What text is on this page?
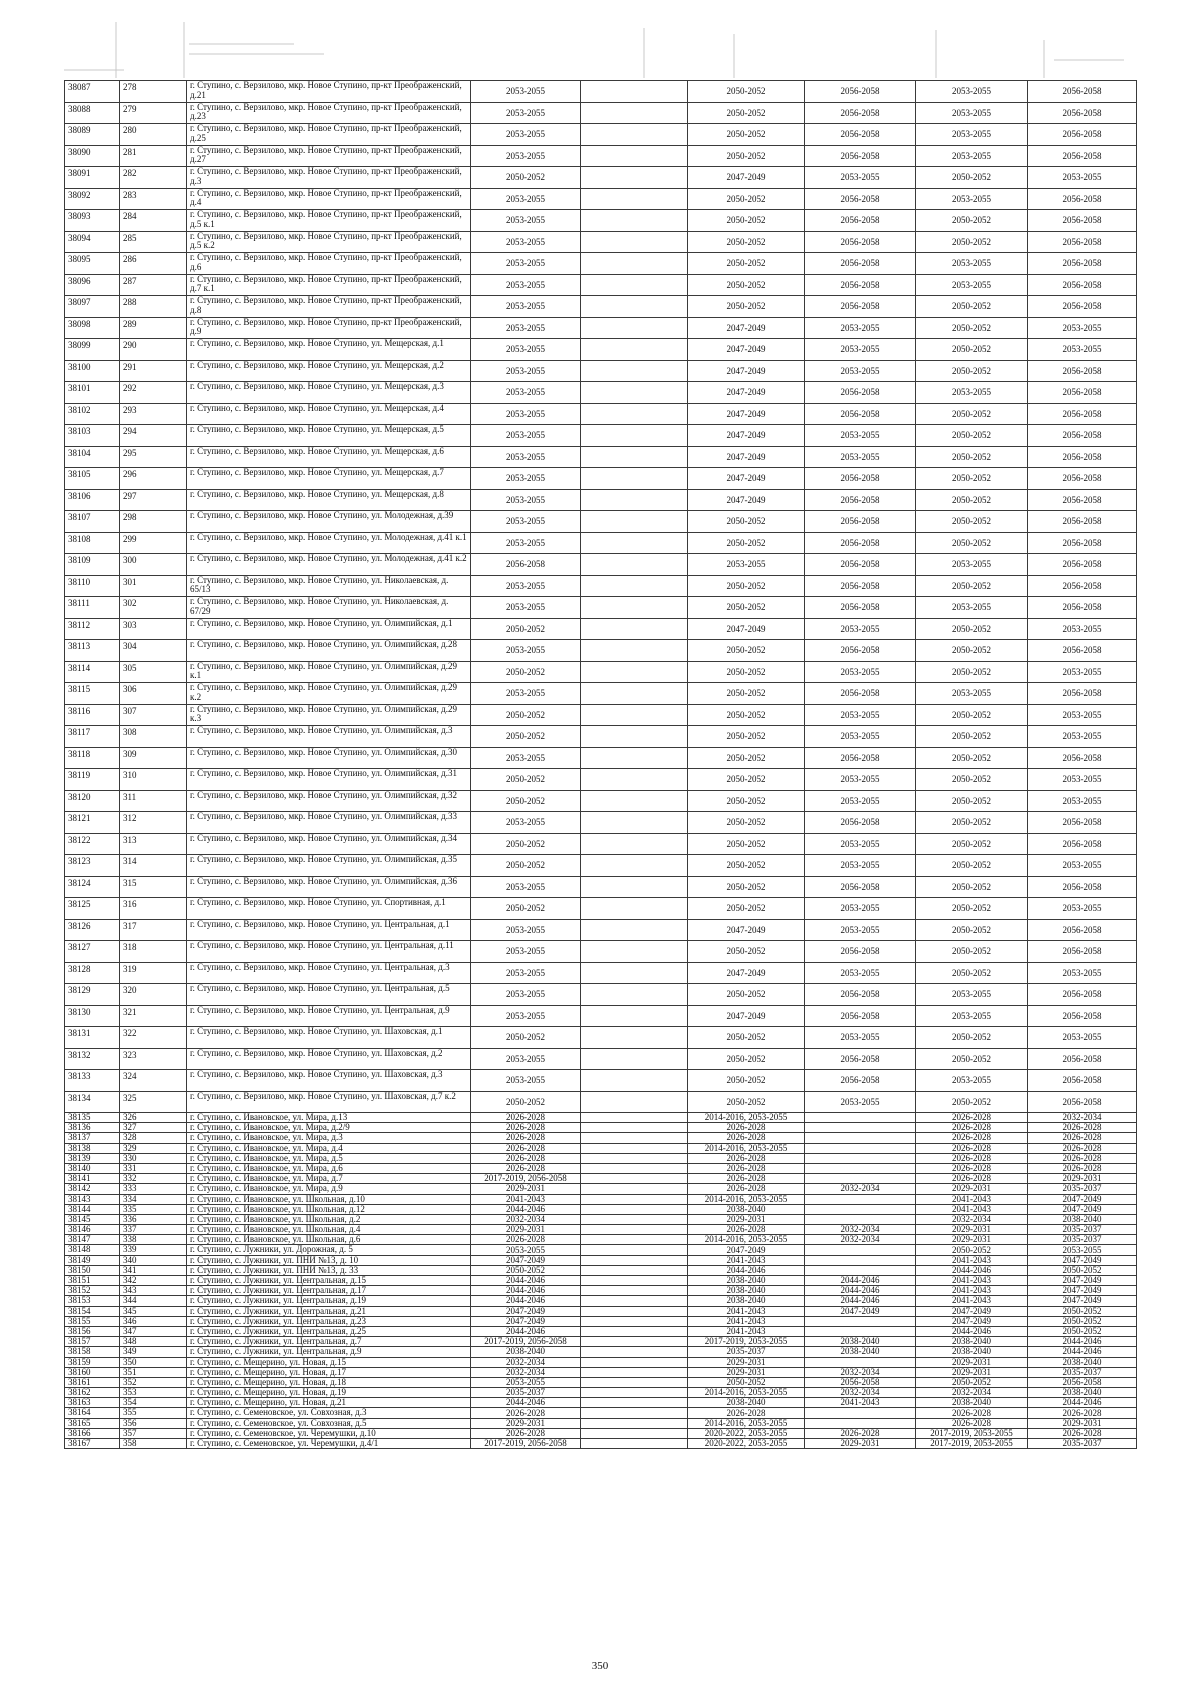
38087	278	г. Ступино, с. Верзилово, мкр. Новое Ступино, пр-кт Преображенский, д.21	2053-2055		2050-2052	2056-2058	2053-2055	2056-2058
38088	279	г. Ступино, с. Верзилово, мкр. Новое Ступино, пр-кт Преображенский, д.23	2053-2055		2050-2052	2056-2058	2053-2055	2056-2058
38089	280	г. Ступино, с. Верзилово, мкр. Новое Ступино, пр-кт Преображенский, д.25	2053-2055		2050-2052	2056-2058	2053-2055	2056-2058
38090	281	г. Ступино, с. Верзилово, мкр. Новое Ступино, пр-кт Преображенский, д.27	2053-2055		2050-2052	2056-2058	2053-2055	2056-2058
38091	282	г. Ступино, с. Верзилово, мкр. Новое Ступино, пр-кт Преображенский, д.3	2050-2052		2047-2049	2053-2055	2050-2052	2053-2055
38092	283	г. Ступино, с. Верзилово, мкр. Новое Ступино, пр-кт Преображенский, д.4	2053-2055		2050-2052	2056-2058	2053-2055	2056-2058
38093	284	г. Ступино, с. Верзилово, мкр. Новое Ступино, пр-кт Преображенский, д.5 к.1	2053-2055		2050-2052	2056-2058	2050-2052	2056-2058
38094	285	г. Ступино, с. Верзилово, мкр. Новое Ступино, пр-кт Преображенский, д.5 к.2	2053-2055		2050-2052	2056-2058	2050-2052	2056-2058
38095	286	г. Ступино, с. Верзилово, мкр. Новое Ступино, пр-кт Преображенский, д.6	2053-2055		2050-2052	2056-2058	2053-2055	2056-2058
38096	287	г. Ступино, с. Верзилово, мкр. Новое Ступино, пр-кт Преображенский, д.7 к.1	2053-2055		2050-2052	2056-2058	2053-2055	2056-2058
38097	288	г. Ступино, с. Верзилово, мкр. Новое Ступино, пр-кт Преображенский, д.8	2053-2055		2050-2052	2056-2058	2050-2052	2056-2058
38098	289	г. Ступино, с. Верзилово, мкр. Новое Ступино, пр-кт Преображенский, д.9	2053-2055		2047-2049	2053-2055	2050-2052	2053-2055
38099	290	г. Ступино, с. Верзилово, мкр. Новое Ступино, ул. Мещерская, д.1	2053-2055		2047-2049	2053-2055	2050-2052	2053-2055
38100	291	г. Ступино, с. Верзилово, мкр. Новое Ступино, ул. Мещерская, д.2	2053-2055		2047-2049	2053-2055	2050-2052	2056-2058
38101	292	г. Ступино, с. Верзилово, мкр. Новое Ступино, ул. Мещерская, д.3	2053-2055		2047-2049	2056-2058	2053-2055	2056-2058
38102	293	г. Ступино, с. Верзилово, мкр. Новое Ступино, ул. Мещерская, д.4	2053-2055		2047-2049	2056-2058	2050-2052	2056-2058
38103	294	г. Ступино, с. Верзилово, мкр. Новое Ступино, ул. Мещерская, д.5	2053-2055		2047-2049	2053-2055	2050-2052	2056-2058
38104	295	г. Ступино, с. Верзилово, мкр. Новое Ступино, ул. Мещерская, д.6	2053-2055		2047-2049	2053-2055	2050-2052	2056-2058
38105	296	г. Ступино, с. Верзилово, мкр. Новое Ступино, ул. Мещерская, д.7	2053-2055		2047-2049	2056-2058	2050-2052	2056-2058
38106	297	г. Ступино, с. Верзилово, мкр. Новое Ступино, ул. Мещерская, д.8	2053-2055		2047-2049	2056-2058	2050-2052	2056-2058
38107	298	г. Ступино, с. Верзилово, мкр. Новое Ступино, ул. Молодежная, д.39	2053-2055		2050-2052	2056-2058	2050-2052	2056-2058
38108	299	г. Ступино, с. Верзилово, мкр. Новое Ступино, ул. Молодежная, д.41 к.1	2053-2055		2050-2052	2056-2058	2050-2052	2056-2058
38109	300	г. Ступино, с. Верзилово, мкр. Новое Ступино, ул. Молодежная, д.41 к.2	2056-2058		2053-2055	2056-2058	2053-2055	2056-2058
38110	301	г. Ступино, с. Верзилово, мкр. Новое Ступино, ул. Николаевская, д. 65/13	2053-2055		2050-2052	2056-2058	2050-2052	2056-2058
38111	302	г. Ступино, с. Верзилово, мкр. Новое Ступино, ул. Николаевская, д. 67/29	2053-2055		2050-2052	2056-2058	2053-2055	2056-2058
38112	303	г. Ступино, с. Верзилово, мкр. Новое Ступино, ул. Олимпийская, д.1	2050-2052		2047-2049	2053-2055	2050-2052	2053-2055
38113	304	г. Ступино, с. Верзилово, мкр. Новое Ступино, ул. Олимпийская, д.28	2053-2055		2050-2052	2056-2058	2050-2052	2056-2058
38114	305	г. Ступино, с. Верзилово, мкр. Новое Ступино, ул. Олимпийская, д.29 к.1	2050-2052		2050-2052	2053-2055	2050-2052	2053-2055
38115	306	г. Ступино, с. Верзилово, мкр. Новое Ступино, ул. Олимпийская, д.29 к.2	2053-2055		2050-2052	2056-2058	2053-2055	2056-2058
38116	307	г. Ступино, с. Верзилово, мкр. Новое Ступино, ул. Олимпийская, д.29 к.3	2050-2052		2050-2052	2053-2055	2050-2052	2053-2055
38117	308	г. Ступино, с. Верзилово, мкр. Новое Ступино, ул. Олимпийская, д.3	2050-2052		2050-2052	2053-2055	2050-2052	2053-2055
38118	309	г. Ступино, с. Верзилово, мкр. Новое Ступино, ул. Олимпийская, д.30	2053-2055		2050-2052	2056-2058	2050-2052	2056-2058
38119	310	г. Ступино, с. Верзилово, мкр. Новое Ступино, ул. Олимпийская, д.31	2050-2052		2050-2052	2053-2055	2050-2052	2053-2055
38120	311	г. Ступино, с. Верзилово, мкр. Новое Ступино, ул. Олимпийская, д.32	2050-2052		2050-2052	2053-2055	2050-2052	2053-2055
38121	312	г. Ступино, с. Верзилово, мкр. Новое Ступино, ул. Олимпийская, д.33	2053-2055		2050-2052	2056-2058	2050-2052	2056-2058
38122	313	г. Ступино, с. Верзилово, мкр. Новое Ступино, ул. Олимпийская, д.34	2050-2052		2050-2052	2053-2055	2050-2052	2056-2058
38123	314	г. Ступино, с. Верзилово, мкр. Новое Ступино, ул. Олимпийская, д.35	2050-2052		2050-2052	2053-2055	2050-2052	2053-2055
38124	315	г. Ступино, с. Верзилово, мкр. Новое Ступино, ул. Олимпийская, д.36	2053-2055		2050-2052	2056-2058	2050-2052	2056-2058
38125	316	г. Ступино, с. Верзилово, мкр. Новое Ступино, ул. Спортивная, д.1	2050-2052		2050-2052	2053-2055	2050-2052	2053-2055
38126	317	г. Ступино, с. Верзилово, мкр. Новое Ступино, ул. Центральная, д.1	2053-2055		2047-2049	2053-2055	2050-2052	2056-2058
38127	318	г. Ступино, с. Верзилово, мкр. Новое Ступино, ул. Центральная, д.11	2053-2055		2050-2052	2056-2058	2050-2052	2056-2058
38128	319	г. Ступино, с. Верзилово, мкр. Новое Ступино, ул. Центральная, д.3	2053-2055		2047-2049	2053-2055	2050-2052	2053-2055
38129	320	г. Ступино, с. Верзилово, мкр. Новое Ступино, ул. Центральная, д.5	2053-2055		2050-2052	2056-2058	2053-2055	2056-2058
38130	321	г. Ступино, с. Верзилово, мкр. Новое Ступино, ул. Центральная, д.9	2053-2055		2047-2049	2056-2058	2053-2055	2056-2058
38131	322	г. Ступино, с. Верзилово, мкр. Новое Ступино, ул. Шаховская, д.1	2050-2052		2050-2052	2053-2055	2050-2052	2053-2055
38132	323	г. Ступино, с. Верзилово, мкр. Новое Ступино, ул. Шаховская, д.2	2053-2055		2050-2052	2056-2058	2050-2052	2056-2058
38133	324	г. Ступино, с. Верзилово, мкр. Новое Ступино, ул. Шаховская, д.3	2053-2055		2050-2052	2056-2058	2053-2055	2056-2058
38134	325	г. Ступино, с. Верзилово, мкр. Новое Ступино, ул. Шаховская, д.7 к.2	2050-2052		2050-2052	2053-2055	2050-2052	2056-2058
38135	326	г. Ступино, с. Ивановское, ул. Мира, д.13	2026-2028		2014-2016, 2053-2055		2026-2028	2032-2034
38136	327	г. Ступино, с. Ивановское, ул. Мира, д.2/9	2026-2028		2026-2028		2026-2028	2026-2028
38137	328	г. Ступино, с. Ивановское, ул. Мира, д.3	2026-2028		2026-2028		2026-2028	2026-2028
38138	329	г. Ступино, с. Ивановское, ул. Мира, д.4	2026-2028		2014-2016, 2053-2055		2026-2028	2026-2028
38139	330	г. Ступино, с. Ивановское, ул. Мира, д.5	2026-2028		2026-2028		2026-2028	2026-2028
38140	331	г. Ступино, с. Ивановское, ул. Мира, д.6	2026-2028		2026-2028		2026-2028	2026-2028
38141	332	г. Ступино, с. Ивановское, ул. Мира, д.7	2017-2019, 2056-2058		2026-2028		2026-2028	2029-2031
38142	333	г. Ступино, с. Ивановское, ул. Мира, д.9	2029-2031		2026-2028	2032-2034	2029-2031	2035-2037
38143	334	г. Ступино, с. Ивановское, ул. Школьная, д.10	2041-2043		2014-2016, 2053-2055		2041-2043	2047-2049
38144	335	г. Ступино, с. Ивановское, ул. Школьная, д.12	2044-2046		2038-2040		2041-2043	2047-2049
38145	336	г. Ступино, с. Ивановское, ул. Школьная, д.2	2032-2034		2029-2031		2032-2034	2038-2040
38146	337	г. Ступино, с. Ивановское, ул. Школьная, д.4	2029-2031		2026-2028	2032-2034	2029-2031	2035-2037
38147	338	г. Ступино, с. Ивановское, ул. Школьная, д.6	2026-2028		2014-2016, 2053-2055	2032-2034	2029-2031	2035-2037
38148	339	г. Ступино, с. Лужники, ул. Дорожная, д. 5	2053-2055		2047-2049		2050-2052	2053-2055
38149	340	г. Ступино, с. Лужники, ул. ПНИ №13, д. 10	2047-2049		2041-2043		2041-2043	2047-2049
38150	341	г. Ступино, с. Лужники, ул. ПНИ №13, д. 33	2050-2052		2044-2046		2044-2046	2050-2052
38151	342	г. Ступино, с. Лужники, ул. Центральная, д.15	2044-2046		2038-2040	2044-2046	2041-2043	2047-2049
38152	343	г. Ступино, с. Лужники, ул. Центральная, д.17	2044-2046		2038-2040	2044-2046	2041-2043	2047-2049
38153	344	г. Ступино, с. Лужники, ул. Центральная, д.19	2044-2046		2038-2040	2044-2046	2041-2043	2047-2049
38154	345	г. Ступино, с. Лужники, ул. Центральная, д.21	2047-2049		2041-2043	2047-2049	2047-2049	2050-2052
38155	346	г. Ступино, с. Лужники, ул. Центральная, д.23	2047-2049		2041-2043		2047-2049	2050-2052
38156	347	г. Ступино, с. Лужники, ул. Центральная, д.25	2044-2046		2041-2043		2044-2046	2050-2052
38157	348	г. Ступино, с. Лужники, ул. Центральная, д.7	2017-2019, 2056-2058		2017-2019, 2053-2055	2038-2040	2038-2040	2044-2046
38158	349	г. Ступино, с. Лужники, ул. Центральная, д.9	2038-2040		2035-2037	2038-2040	2038-2040	2044-2046
38159	350	г. Ступино, с. Мещерино, ул. Новая, д.15	2032-2034		2029-2031		2029-2031	2038-2040
38160	351	г. Ступино, с. Мещерино, ул. Новая, д.17	2032-2034		2029-2031	2032-2034	2029-2031	2035-2037
38161	352	г. Ступино, с. Мещерино, ул. Новая, д.18	2053-2055		2050-2052	2056-2058	2050-2052	2056-2058
38162	353	г. Ступино, с. Мещерино, ул. Новая, д.19	2035-2037		2014-2016, 2053-2055	2032-2034	2032-2034	2038-2040
38163	354	г. Ступино, с. Мещерино, ул. Новая, д.21	2044-2046		2038-2040	2041-2043	2038-2040	2044-2046
38164	355	г. Ступино, с. Семеновское, ул. Совхозная, д.3	2026-2028		2026-2028		2026-2028	2026-2028
38165	356	г. Ступино, с. Семеновское, ул. Совхозная, д.5	2029-2031		2014-2016, 2053-2055		2026-2028	2029-2031
38166	357	г. Ступино, с. Семеновское, ул. Черемушки, д.10	2026-2028		2020-2022, 2053-2055	2026-2028	2017-2019, 2053-2055	2026-2028
38167	358	г. Ступино, с. Семеновское, ул. Черемушки, д.4/1	2017-2019, 2056-2058		2020-2022, 2053-2055	2029-2031	2017-2019, 2053-2055	2035-2037
350
